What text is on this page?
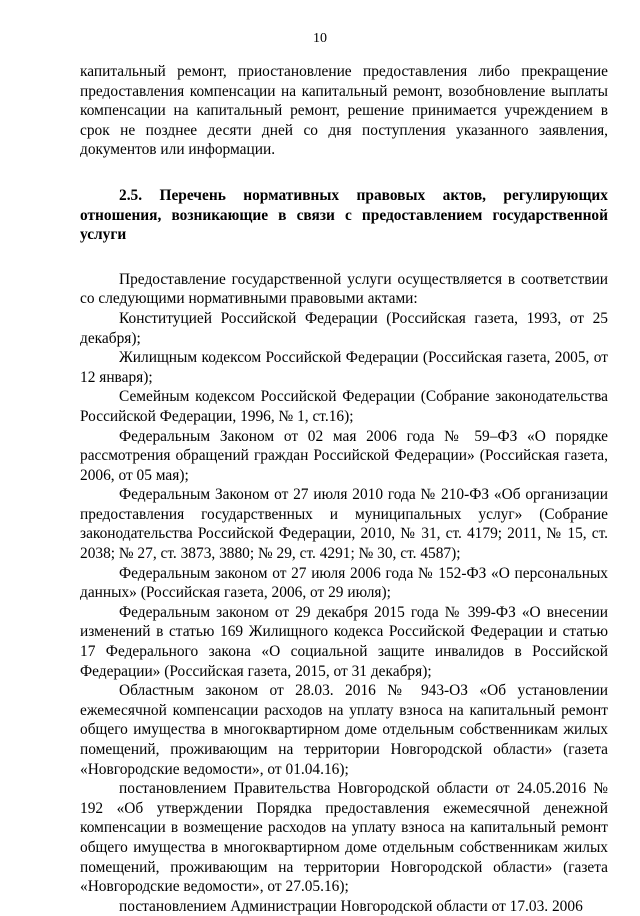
10

капитальный ремонт, приостановление предоставления либо прекращение предоставления компенсации на капитальный ремонт, возобновление выплаты компенсации на капитальный ремонт, решение принимается учреждением в срок не позднее десяти дней со дня поступления указанного заявления, документов или информации.

2.5. Перечень нормативных правовых актов, регулирующих отношения, возникающие в связи с предоставлением государственной услуги

Предоставление государственной услуги осуществляется в соответствии со следующими нормативными правовыми актами:

Конституцией Российской Федерации (Российская газета, 1993, от 25 декабря);

Жилищным кодексом Российской Федерации (Российская газета, 2005, от 12 января);

Семейным кодексом Российской Федерации (Собрание законодательства Российской Федерации, 1996, № 1, ст.16);

Федеральным Законом от 02 мая 2006 года № 59–ФЗ «О порядке рассмотрения обращений граждан Российской Федерации» (Российская газета, 2006, от 05 мая);

Федеральным Законом от 27 июля 2010 года № 210-ФЗ «Об организации предоставления государственных и муниципальных услуг» (Собрание законодательства Российской Федерации, 2010, № 31, ст. 4179; 2011, № 15, ст. 2038; № 27, ст. 3873, 3880; № 29, ст. 4291; № 30, ст. 4587);

Федеральным законом от 27 июля 2006 года № 152-ФЗ «О персональных данных» (Российская газета, 2006, от 29 июля);

Федеральным законом от 29 декабря 2015 года № 399-ФЗ «О внесении изменений в статью 169 Жилищного кодекса Российской Федерации и статью 17 Федерального закона «О социальной защите инвалидов в Российской Федерации» (Российская газета, 2015, от 31 декабря);

Областным законом от 28.03. 2016 № 943-ОЗ «Об установлении ежемесячной компенсации расходов на уплату взноса на капитальный ремонт общего имущества в многоквартирном доме отдельным собственникам жилых помещений, проживающим на территории Новгородской области» (газета «Новгородские ведомости», от 01.04.16);

постановлением Правительства Новгородской области от 24.05.2016 № 192 «Об утверждении Порядка предоставления ежемесячной денежной компенсации в возмещение расходов на уплату взноса на капитальный ремонт общего имущества в многоквартирном доме отдельным собственникам жилых помещений, проживающим на территории Новгородской области» (газета «Новгородские ведомости», от 27.05.16);

постановлением Администрации Новгородской области от 17.03. 2006
